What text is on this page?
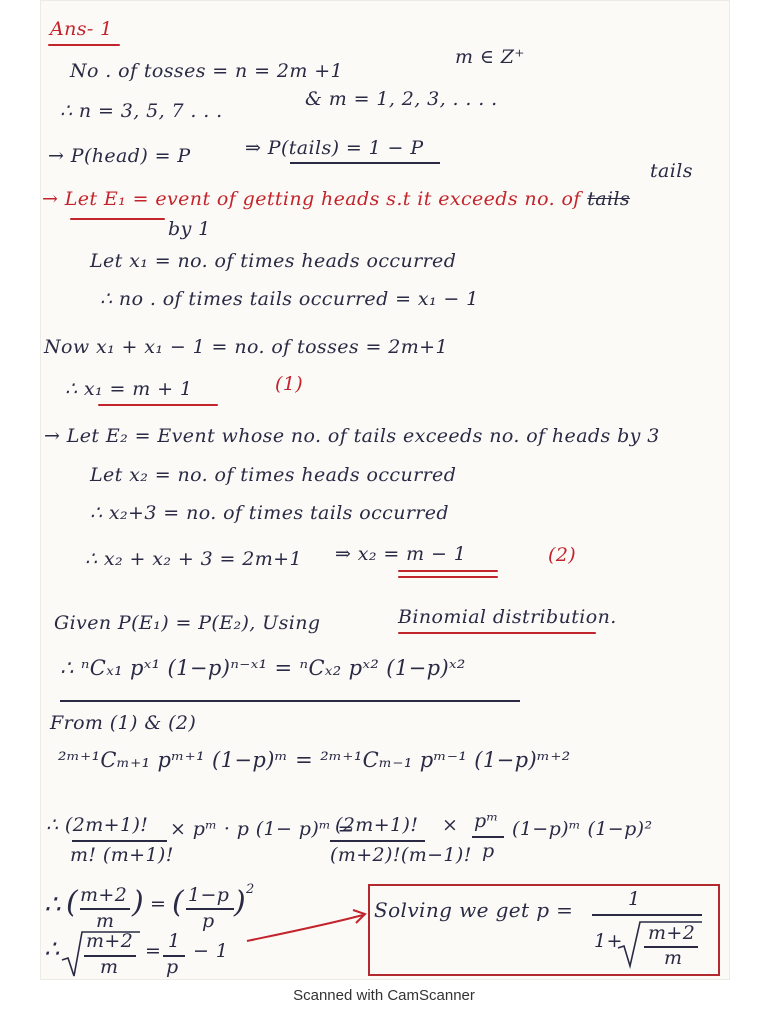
Ans- 1
No . of tosses = n = 2m +1
m ∈ Z⁺
∴ n = 3, 5, 7 . . .
& m = 1, 2, 3, . . . .
→ P(head) = P	⇒ P(tails) = 1 − P
tails
→ Let E₁ = event of getting heads s.t it exceeds no. of tails
by 1
Let x₁ = no. of times heads occurred
∴ no . of times tails occurred = x₁ − 1
Now x₁ + x₁ − 1 = no. of tosses = 2m+1
∴ x₁ = m + 1	(1)
→ Let E₂ = Event whose no. of tails exceeds no. of heads by 3
Let x₂ = no. of times heads occurred
∴ x₂+3 = no. of times tails occurred
∴ x₂ + x₂ + 3 = 2m+1 ⇒ x₂ = m − 1	(2)
Given P(E₁) = P(E₂), Using	Binomial distribution.
∴ ⁿCₓ₁ pˣ¹ (1−p)ⁿ⁻ˣ¹ = ⁿCₓ₂ pˣ² (1−p)ˣ²
From (1) & (2)
²ᵐ⁺¹Cₘ₊₁ pᵐ⁺¹ (1−p)ᵐ = ²ᵐ⁺¹Cₘ₋₁ pᵐ⁻¹ (1−p)ᵐ⁺²
∴ (2m+1)!
m! (m+1)!
× pᵐ · p (1− p)ᵐ =
(2m+1)!
(m+2)!(m−1)!
× pᵐ
p
(1−p)ᵐ (1−p)²
∴ ( m+2
m
) = ( 1−p
p
) 2
∴ m+2
m
= 1
p
− 1
Solving we get p =	1
1+ m+2
m
Scanned with CamScanner
